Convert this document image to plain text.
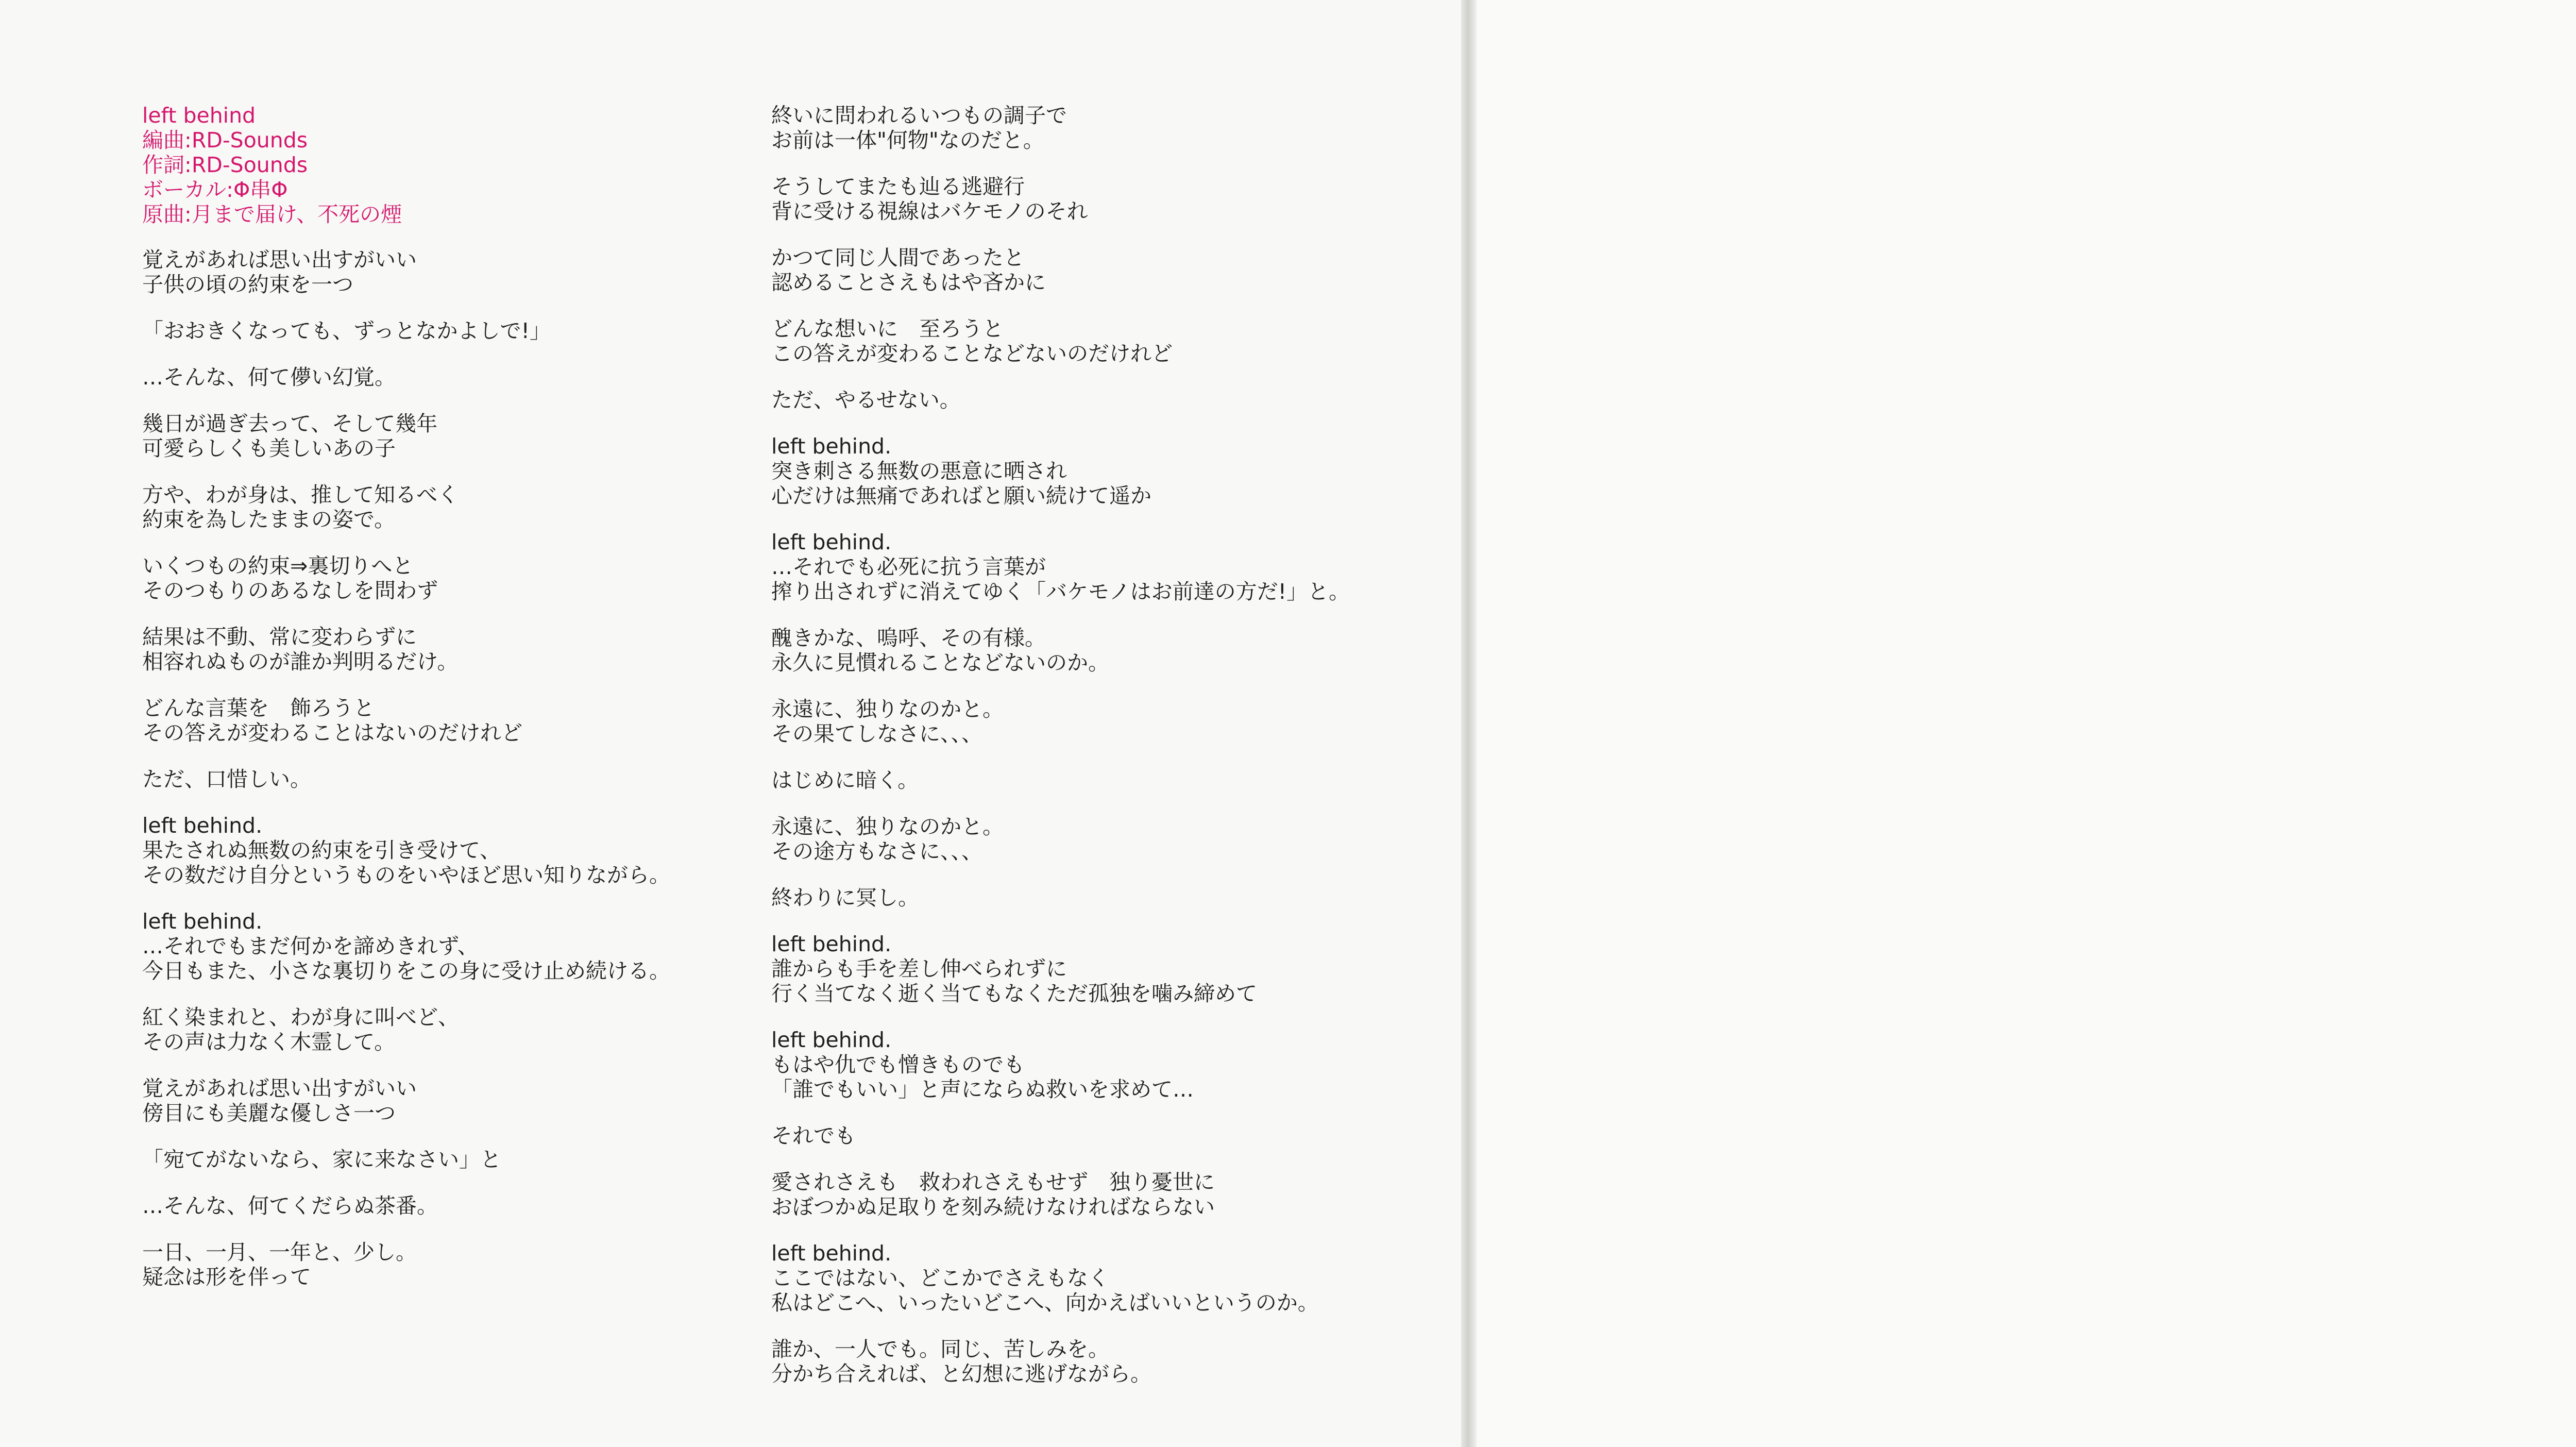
left behind
編曲:RD-Sounds
作詞:RD-Sounds
ボーカル:Φ串Φ
原曲:月まで届け、不死の煙
覚えがあれば思い出すがいい
子供の頃の約束を一つ
「おおきくなっても、ずっとなかよしで!」
…そんな、何て儚い幻覚。
幾日が過ぎ去って、そして幾年
可愛らしくも美しいあの子
方や、わが身は、推して知るべく
約束を為したままの姿で。
いくつもの約束⇒裏切りへと
そのつもりのあるなしを問わず
結果は不動、常に変わらずに
相容れぬものが誰か判明るだけ。
どんな言葉を　飾ろうと
その答えが変わることはないのだけれど
ただ、口惜しい。
left behind.
果たされぬ無数の約束を引き受けて、
その数だけ自分というものをいやほど思い知りながら。
left behind.
…それでもまだ何かを諦めきれず、
今日もまた、小さな裏切りをこの身に受け止め続ける。
紅く染まれと、わが身に叫べど、
その声は力なく木霊して。
覚えがあれば思い出すがいい
傍目にも美麗な優しさ一つ
「宛てがないなら、家に来なさい」と
…そんな、何てくだらぬ茶番。
一日、一月、一年と、少し。
疑念は形を伴って
終いに問われるいつもの調子で
お前は一体"何物"なのだと。
そうしてまたも辿る逃避行
背に受ける視線はバケモノのそれ
かつて同じ人間であったと
認めることさえもはや吝かに
どんな想いに　至ろうと
この答えが変わることなどないのだけれど
ただ、やるせない。
left behind.
突き刺さる無数の悪意に晒され
心だけは無痛であればと願い続けて遥か
left behind.
…それでも必死に抗う言葉が
搾り出されずに消えてゆく「バケモノはお前達の方だ!」と。
醜きかな、嗚呼、その有様。
永久に見慣れることなどないのか。
永遠に、独りなのかと。
その果てしなさに、、、
はじめに暗く。
永遠に、独りなのかと。
その途方もなさに、、、
終わりに冥し。
left behind.
誰からも手を差し伸べられずに
行く当てなく逝く当てもなくただ孤独を噛み締めて
left behind.
もはや仇でも憎きものでも
「誰でもいい」と声にならぬ救いを求めて…
それでも
愛されさえも　救われさえもせず　独り憂世に
おぼつかぬ足取りを刻み続けなければならない
left behind.
ここではない、どこかでさえもなく
私はどこへ、いったいどこへ、向かえばいいというのか。
誰か、一人でも。同じ、苦しみを。
分かち合えれば、と幻想に逃げながら。
